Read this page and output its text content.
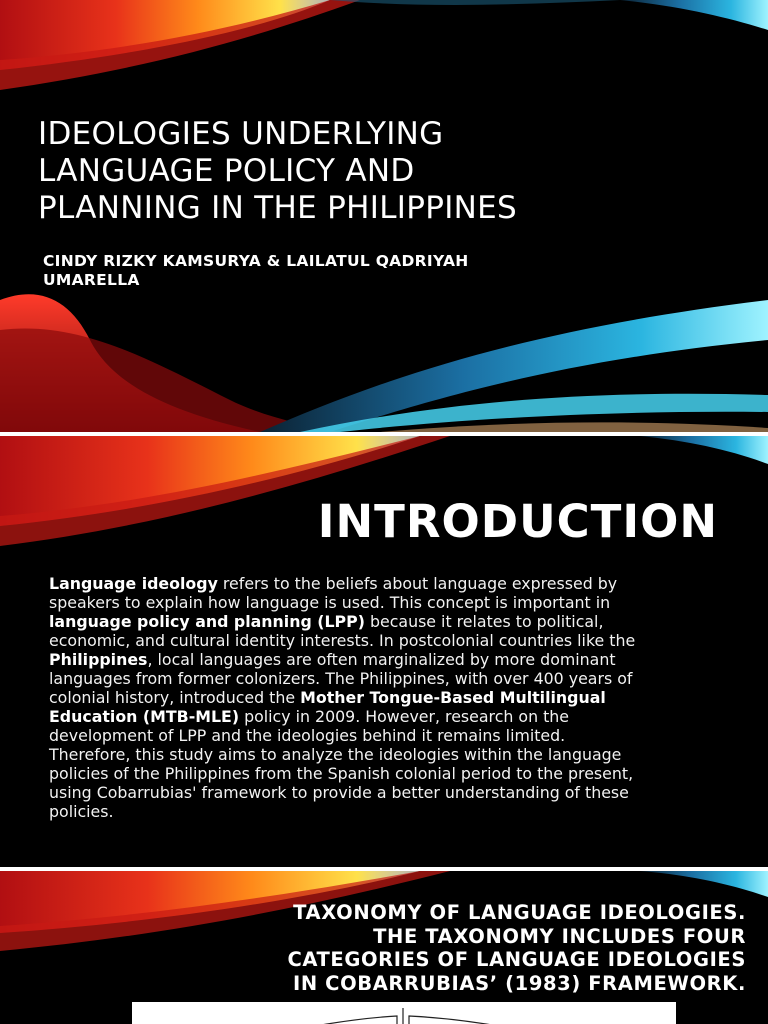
IDEOLOGIES UNDERLYING
LANGUAGE POLICY AND
PLANNING IN THE PHILIPPINES
CINDY RIZKY KAMSURYA & LAILATUL QADRIYAH
UMARELLA
INTRODUCTION
Language ideology refers to the beliefs about language expressed by
speakers to explain how language is used. This concept is important in
language policy and planning (LPP) because it relates to political,
economic, and cultural identity interests. In postcolonial countries like the
Philippines, local languages are often marginalized by more dominant
languages from former colonizers. The Philippines, with over 400 years of
colonial history, introduced the Mother Tongue-Based Multilingual
Education (MTB-MLE) policy in 2009. However, research on the
development of LPP and the ideologies behind it remains limited.
Therefore, this study aims to analyze the ideologies within the language
policies of the Philippines from the Spanish colonial period to the present,
using Cobarrubias' framework to provide a better understanding of these
policies.
TAXONOMY OF LANGUAGE IDEOLOGIES.
THE TAXONOMY INCLUDES FOUR
CATEGORIES OF LANGUAGE IDEOLOGIES
IN COBARRUBIAS’ (1983) FRAMEWORK.
